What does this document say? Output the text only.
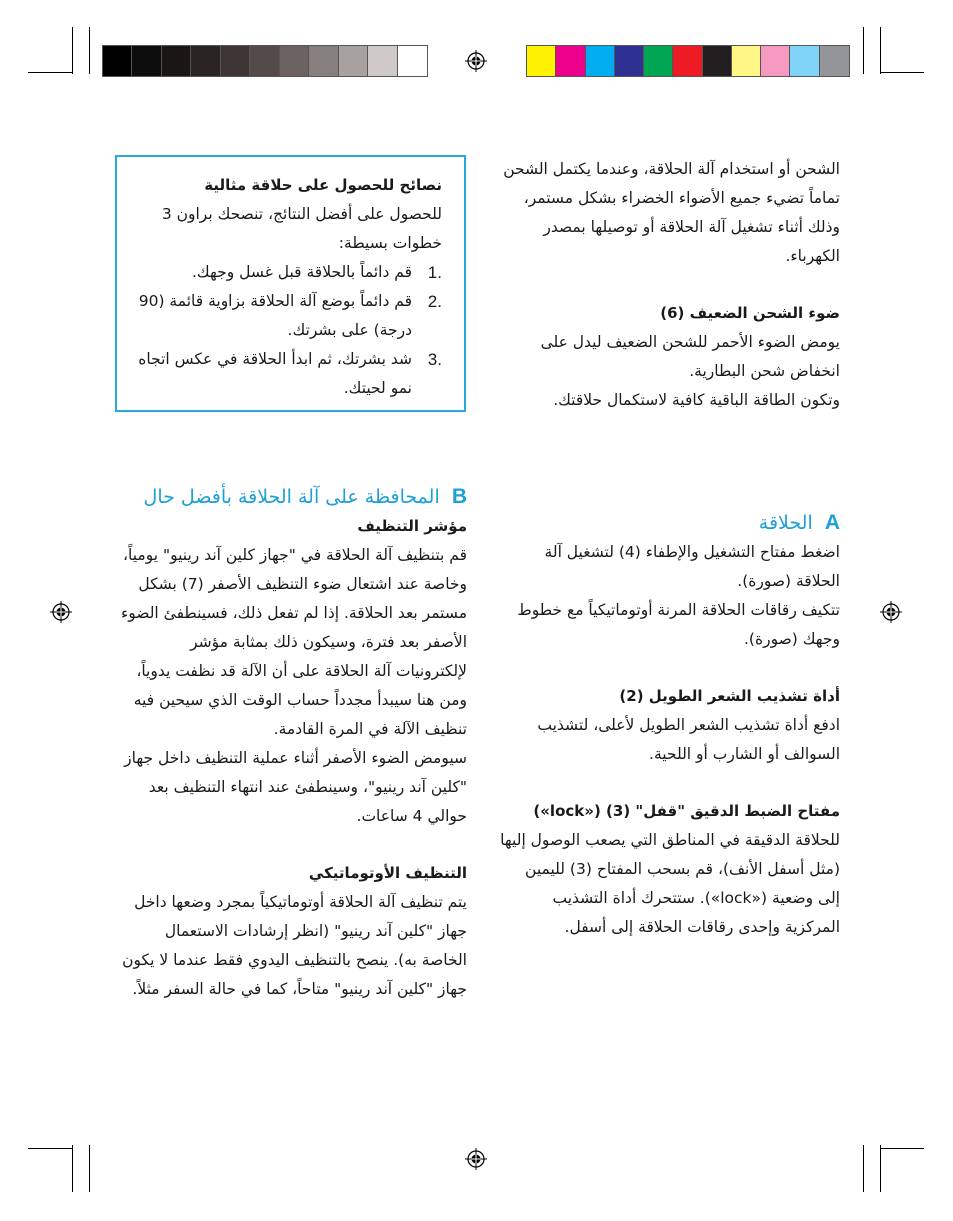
الشحن أو استخدام آلة الحلاقة، وعندما يكتمل الشحن تماماً تضيء جميع الأضواء الخضراء بشكل مستمر، وذلك أثناء تشغيل آلة الحلاقة أو توصيلها بمصدر الكهرباء.

ضوء الشحن الضعيف (6)

يومض الضوء الأحمر للشحن الضعيف ليدل على انخفاض شحن البطارية.

وتكون الطاقة الباقية كافية لاستكمال حلاقتك.

نصائح للحصول على حلاقة مثالية

للحصول على أفضل النتائج، تنصحك براون 3 خطوات بسيطة:

.1
قم دائماً بالحلاقة قبل غسل وجهك.
.2
قم دائماً بوضع آلة الحلاقة بزاوية قائمة (90 درجة) على بشرتك.
.3
شد بشرتك، ثم ابدأ الحلاقة في عكس اتجاه نمو لحيتك.

A  الحلاقة

اضغط مفتاح التشغيل والإطفاء (4) لتشغيل آلة الحلاقة (صورة).

تتكيف رقاقات الحلاقة المرنة أوتوماتيكياً مع خطوط وجهك (صورة).

أداة تشذيب الشعر الطويل (2)

ادفع أداة تشذيب الشعر الطويل لأعلى، لتشذيب السوالف أو الشارب أو اللحية.

مفتاح الضبط الدقيق "قفل" (3) («lock»)

للحلاقة الدقيقة في المناطق التي يصعب الوصول إليها (مثل أسفل الأنف)، قم بسحب المفتاح (3) لليمين إلى وضعية («lock»). ستتحرك أداة التشذيب المركزية وإحدى رقاقات الحلاقة إلى أسفل.

B  المحافظة على آلة الحلاقة بأفضل حال

مؤشر التنظيف

قم بتنظيف آلة الحلاقة في "جهاز كلين آند رينيو" يومياً، وخاصة عند اشتعال ضوء التنظيف الأصفر (7) بشكل مستمر بعد الحلاقة. إذا لم تفعل ذلك، فسينطفئ الضوء الأصفر بعد فترة، وسيكون ذلك بمثابة مؤشر لإلكترونيات آلة الحلاقة على أن الآلة قد نظفت يدوياً، ومن هنا سيبدأ مجدداً حساب الوقت الذي سيحين فيه تنظيف الآلة في المرة القادمة.

سيومض الضوء الأصفر أثناء عملية التنظيف داخل جهاز "كلين آند رينيو"، وسينطفئ عند انتهاء التنظيف بعد حوالي 4 ساعات.

التنظيف الأوتوماتيكي

يتم تنظيف آلة الحلاقة أوتوماتيكياً بمجرد وضعها داخل جهاز "كلين آند رينيو" (انظر إرشادات الاستعمال الخاصة به). ينصح بالتنظيف اليدوي فقط عندما لا يكون جهاز "كلين آند رينيو" متاحاً، كما في حالة السفر مثلاً.
